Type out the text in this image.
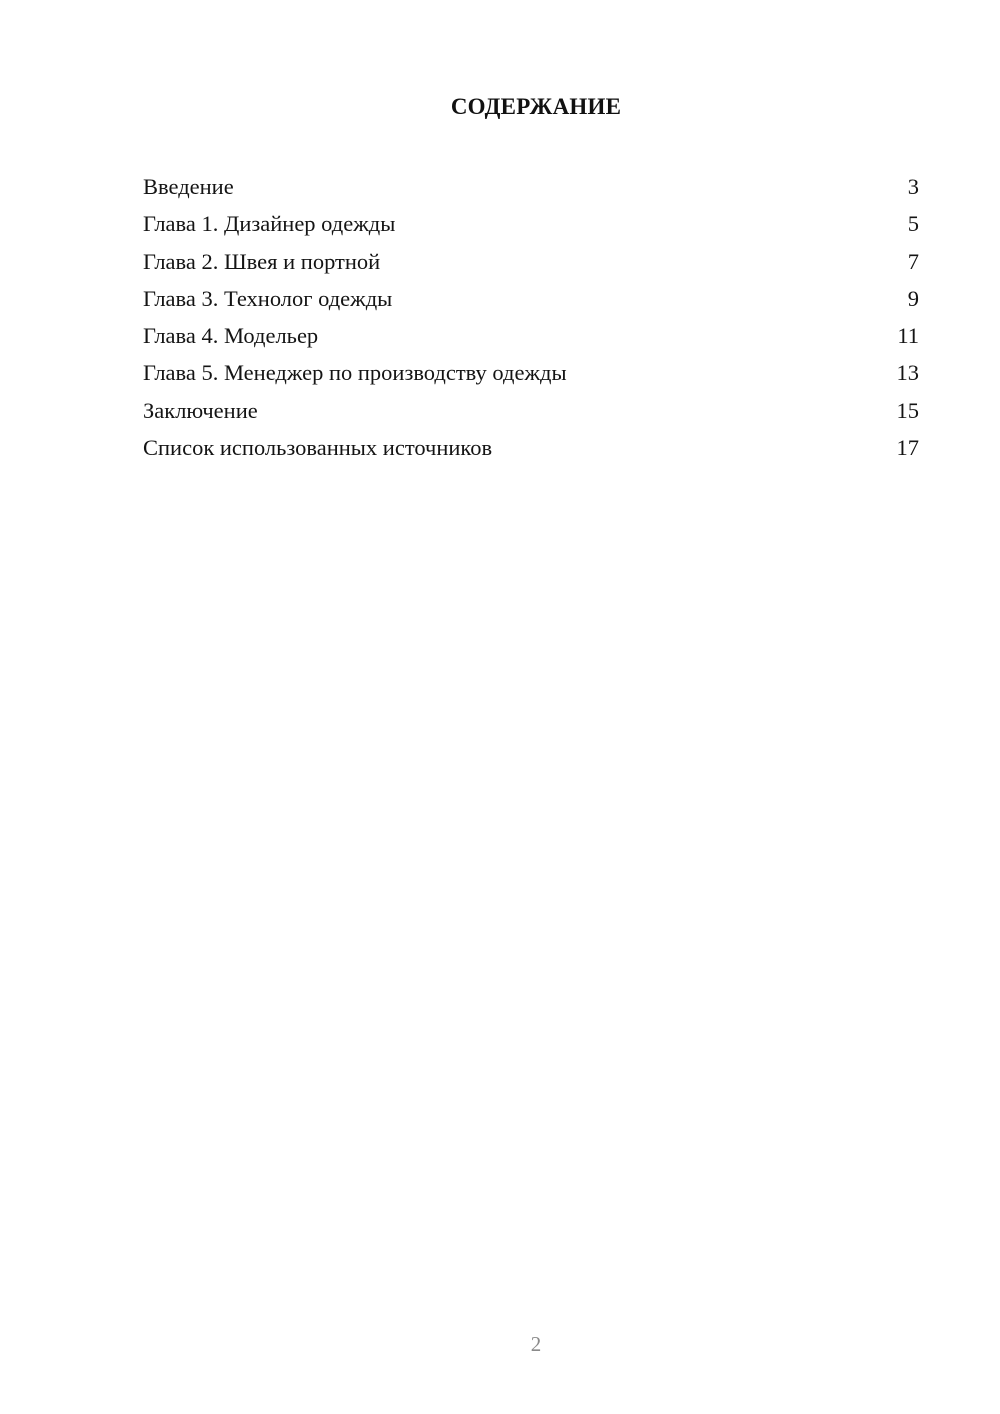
СОДЕРЖАНИЕ
Введение	3
Глава 1. Дизайнер одежды	5
Глава 2. Швея и портной	7
Глава 3. Технолог одежды	9
Глава 4. Модельер	11
Глава 5. Менеджер по производству одежды	13
Заключение	15
Список использованных источников	17
2
